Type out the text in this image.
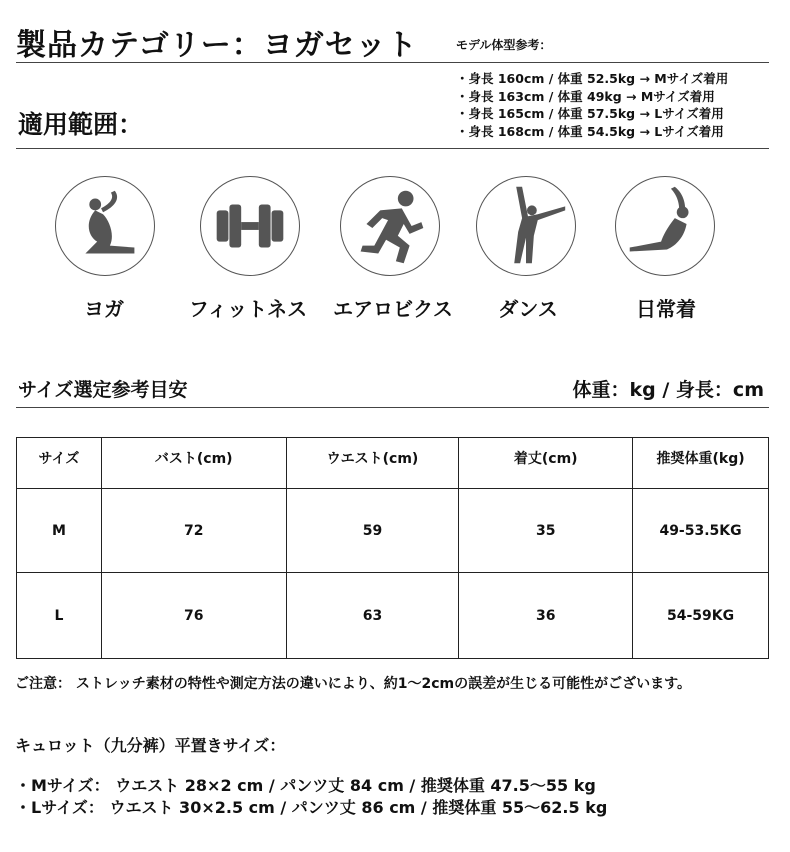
製品カテゴリー：ヨガセット	モデル体型参考：
・身長 160cm / 体重 52.5kg → Mサイズ着用
・身長 163cm / 体重 49kg → Mサイズ着用
・身長 165cm / 体重 57.5kg → Lサイズ着用
・身長 168cm / 体重 54.5kg → Lサイズ着用
適用範囲：
ヨガ	フィットネス	エアロビクス	ダンス	日常着
サイズ選定参考目安	体重：kg / 身長：cm
サイズ	バスト(cm)	ウエスト(cm)	着丈(cm)	推奨体重(kg)
M	72	59	35	49-53.5KG
L	76	63	36	54-59KG
ご注意： ストレッチ素材の特性や測定方法の違いにより、約1～2cmの誤差が生じる可能性がございます。
キュロット（九分裤）平置きサイズ：
・Mサイズ： ウエスト 28×2 cm / パンツ丈 84 cm / 推奨体重 47.5～55 kg
・Lサイズ： ウエスト 30×2.5 cm / パンツ丈 86 cm / 推奨体重 55～62.5 kg
